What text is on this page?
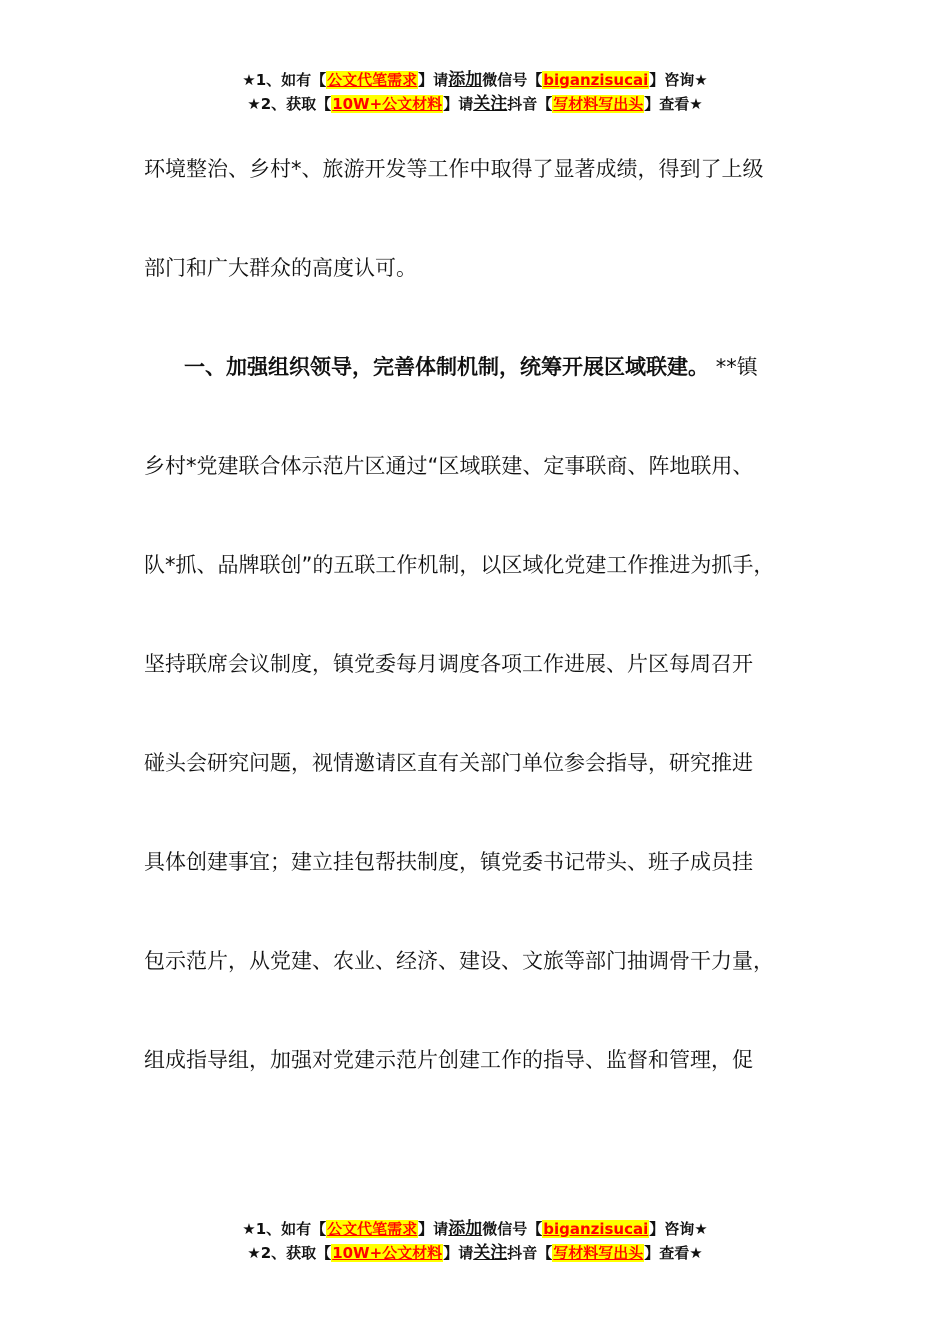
★1、如有【公文代笔需求】请添加微信号【biganzisucai】咨询★
★2、获取【10W+公文材料】请关注抖音【写材料写出头】查看★
环境整治、乡村*、旅游开发等工作中取得了显著成绩，得到了上级
部门和广大群众的高度认可。
一、加强组织领导，完善体制机制，统筹开展区域联建。 **镇
乡村*党建联合体示范片区通过“区域联建、定事联商、阵地联用、
队*抓、品牌联创”的五联工作机制，以区域化党建工作推进为抓手，
坚持联席会议制度，镇党委每月调度各项工作进展、片区每周召开
碰头会研究问题，视情邀请区直有关部门单位参会指导，研究推进
具体创建事宜；建立挂包帮扶制度，镇党委书记带头、班子成员挂
包示范片，从党建、农业、经济、建设、文旅等部门抽调骨干力量，
组成指导组，加强对党建示范片创建工作的指导、监督和管理，促
★1、如有【公文代笔需求】请添加微信号【biganzisucai】咨询★
★2、获取【10W+公文材料】请关注抖音【写材料写出头】查看★
